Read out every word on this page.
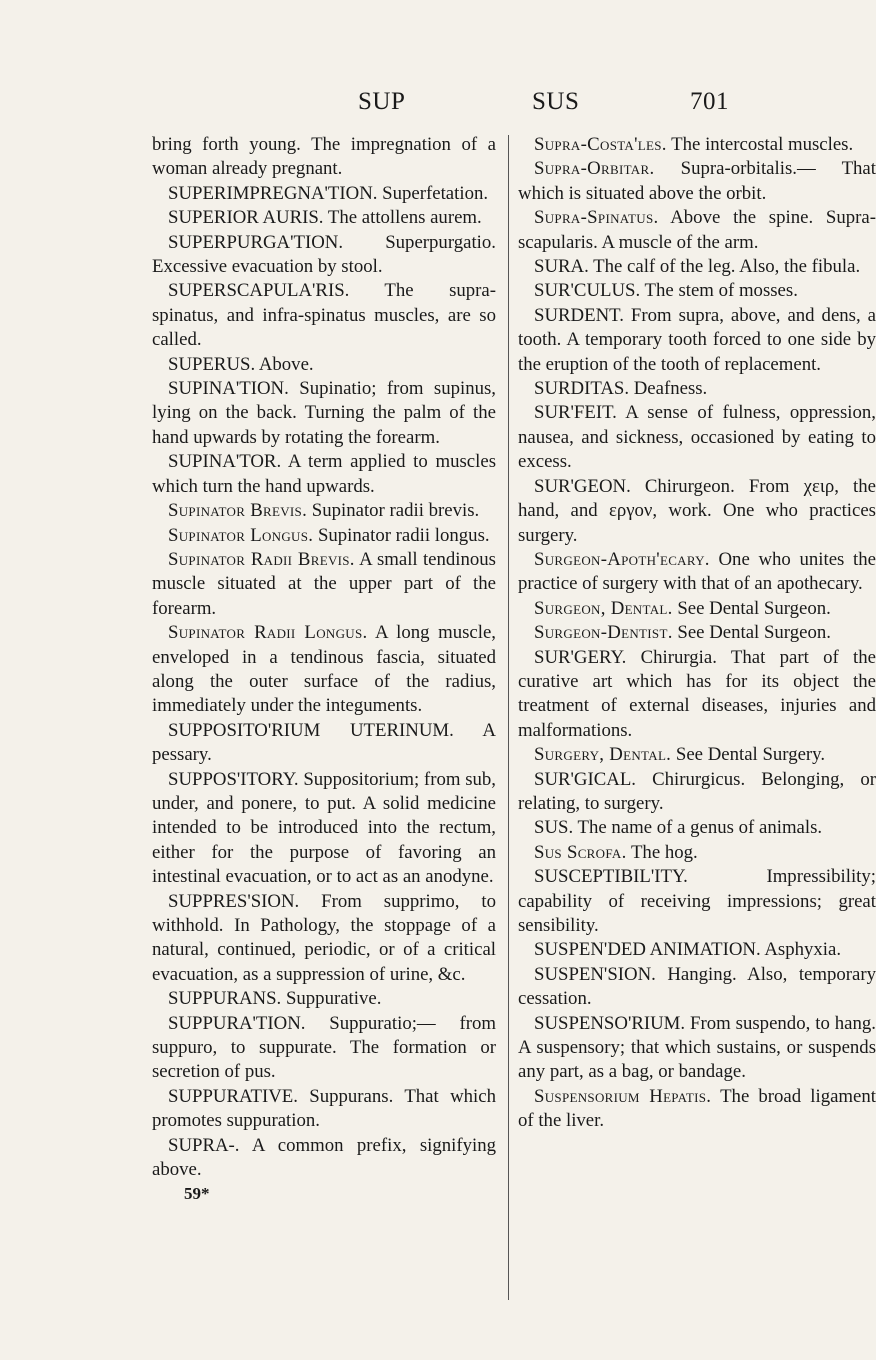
SUP	701
SUS

bring forth young. The impregnation of a woman already pregnant.

SUPERIMPREGNA'TION. Superfetation.

SUPERIOR AURIS. The attollens aurem.

SUPERPURGA'TION. Superpurgatio. Excessive evacuation by stool.

SUPERSCAPULA'RIS. The supra-spinatus, and infra-spinatus muscles, are so called.

SUPERUS. Above.

SUPINA'TION. Supinatio; from supinus, lying on the back. Turning the palm of the hand upwards by rotating the forearm.

SUPINA'TOR. A term applied to muscles which turn the hand upwards.

Supinator Brevis. Supinator radii brevis.

Supinator Longus. Supinator radii longus.

Supinator Radii Brevis. A small tendinous muscle situated at the upper part of the forearm.

Supinator Radii Longus. A long muscle, enveloped in a tendinous fascia, situated along the outer surface of the radius, immediately under the integuments.

SUPPOSITO'RIUM UTERINUM. A pessary.

SUPPOS'ITORY. Suppositorium; from sub, under, and ponere, to put. A solid medicine intended to be introduced into the rectum, either for the purpose of favoring an intestinal evacuation, or to act as an anodyne.

SUPPRES'SION. From supprimo, to withhold. In Pathology, the stoppage of a natural, continued, periodic, or of a critical evacuation, as a suppression of urine, &c.

SUPPURANS. Suppurative.

SUPPURA'TION. Suppuratio;— from suppuro, to suppurate. The formation or secretion of pus.

SUPPURATIVE. Suppurans. That which promotes suppuration.

SUPRA-. A common prefix, signifying above.

59*

Supra-Costa'les. The intercostal muscles.

Supra-Orbitar. Supra-orbitalis.— That which is situated above the orbit.

Supra-Spinatus. Above the spine. Supra-scapularis. A muscle of the arm.

SURA. The calf of the leg. Also, the fibula.

SUR'CULUS. The stem of mosses.

SURDENT. From supra, above, and dens, a tooth. A temporary tooth forced to one side by the eruption of the tooth of replacement.

SURDITAS. Deafness.

SUR'FEIT. A sense of fulness, oppression, nausea, and sickness, occasioned by eating to excess.

SUR'GEON. Chirurgeon. From χειρ, the hand, and εργον, work. One who practices surgery.

Surgeon-Apoth'ecary. One who unites the practice of surgery with that of an apothecary.

Surgeon, Dental. See Dental Surgeon.

Surgeon-Dentist. See Dental Surgeon.

SUR'GERY. Chirurgia. That part of the curative art which has for its object the treatment of external diseases, injuries and malformations.

Surgery, Dental. See Dental Surgery.

SUR'GICAL. Chirurgicus. Belonging, or relating, to surgery.

SUS. The name of a genus of animals.

Sus Scrofa. The hog.

SUSCEPTIBIL'ITY. Impressibility; capability of receiving impressions; great sensibility.

SUSPEN'DED ANIMATION. Asphyxia.

SUSPEN'SION. Hanging. Also, temporary cessation.

SUSPENSO'RIUM. From suspendo, to hang. A suspensory; that which sustains, or suspends any part, as a bag, or bandage.

Suspensorium Hepatis. The broad ligament of the liver.
